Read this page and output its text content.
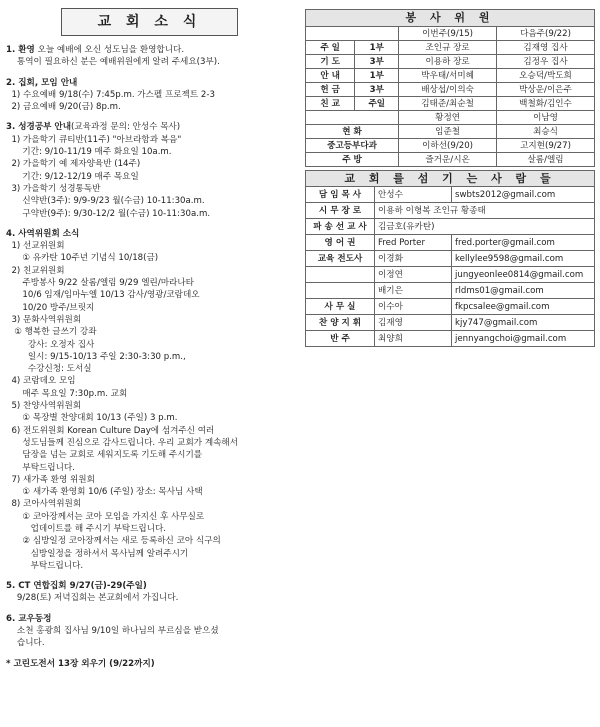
교 회 소 식
1. 환영 오늘 예배에 오신 성도님을 환영합니다.
통역이 필요하신 분은 예배위원에게 알려 주세요(3부).
2. 집회, 모임 안내
1) 수요예배 9/18(수) 7:45p.m. 가스펠 프로젝트 2-3
2) 금요예배 9/20(금) 8p.m.
3. 성경공부 안내(교육과정 문의: 안성수 목사)
1) 가을학기 큐티반(11주) "아브라함과 복음"
기간: 9/10-11/19 매주 화요일 10a.m.
2) 가을학기 예 제자양육반 (14주)
기간: 9/12-12/19 매주 목요일
3) 가을학기 성경통독반
신약반(3주): 9/9-9/23 월(수금) 10-11:30a.m.
구약반(9주): 9/30-12/2 월(수금) 10-11:30a.m.
4. 사역위원회 소식
1) 선교위원회
① 유카탄 10주년 기념식 10/18(금)
2) 친교위원회
주방봉사 9/22 살롬/엘림 9/29 엘린/마라나타
10/6 임재/임마누엘 10/13 감사/영광/코람데오
10/20 방주/브릿지
3) 문화사역위원회
① 행복한 글쓰기 강좌
강사: 오정자 집사
일시: 9/15-10/13 주일 2:30-3:30 p.m.,
수강신청: 도서실
4) 코람데오 모임
매주 목요일 7:30p.m. 교회
5) 찬양사역위원회
① 목장별 찬양대회 10/13 (주일) 3 p.m.
6) 전도위원회 Korean Culture Day에 섬겨주신 여러
성도님들께 진심으로 감사드립니다. 우리 교회가 계속해서
담장을 넘는 교회로 세워지도록 기도해 주시기를
부탁드립니다.
7) 새가족 환영 위원회
① 새가족 환영회 10/6 (주일) 장소: 목사님 사택
8) 코아사역위원회
① 코아장께서는 코아 모임을 가지신 후 사무실로
업데이트를 해 주시기 부탁드립니다.
② 심방일정 코아장께서는 새로 등록하신 코아 식구의
심방일정을 정하셔서 목사님께 알려주시기
부탁드립니다.
5. CT 연합집회 9/27(금)-29(주일)
9/28(토) 저녁집회는 본교회에서 가집니다.
6. 교우동정
소천 홍광희 집사님 9/10일 하나님의 부르심을 받으셨
습니다.
* 고린도전서 13장 외우기 (9/22까지)
봉 사 위 원			
		이번주(9/15)	다음주(9/22)
주 일	1부	조인규 장로	김재영 집사
기 도	3부	이용하 장로	김정우 집사
안 내	1부	박우태/서미혜	오승덕/박도희
헌 금	3부	배상섭/이의숙	박상운/이은주
친 교	주일	김태준/최순철	백철화/김인수
		황정연	이남영
현 화		임준철	최승식
중고등부다과		이하선(9/20)	고지현(9/27)
주 방		즐거운/시온	살롬/엘림
교 회 를 섬 기 는 사 람 들		
담 임 목 사	안성수	swbts2012@gmail.com
시 무 장 로	이용하 이형복 조인규 황종태	
파 송 선 교 사	김금호(유카탄)	
영 어 권	Fred Porter	fred.porter@gmail.com
교육 전도사	이경화	kellylee9598@gmail.com
	이정연	jungyeonlee0814@gmail.com
	배기은	rldms01@gmail.com
사 무 실	이수아	fkpcsalee@gmail.com
찬 양 지 휘	김재영	kjy747@gmail.com
반 주	최양희	jennyangchoi@gmail.com
